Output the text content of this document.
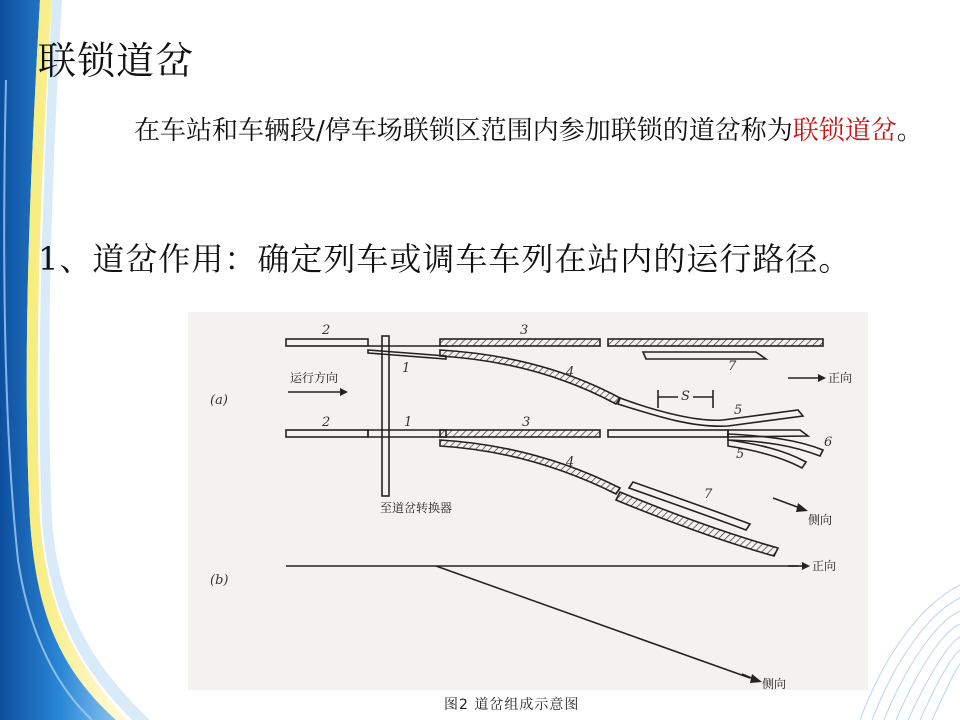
联锁道岔
在车站和车辆段/停车场联锁区范围内参加联锁的道岔称为联锁道岔。
1、道岔作用：确定列车或调车车列在站内的运行路径。
(a)
运行方向	正向
侧向
至道岔转换器
S
2	3
1	4	7
5
2	1	3
4
5
6
7
(b)
正向
侧向
图2 道岔组成示意图
